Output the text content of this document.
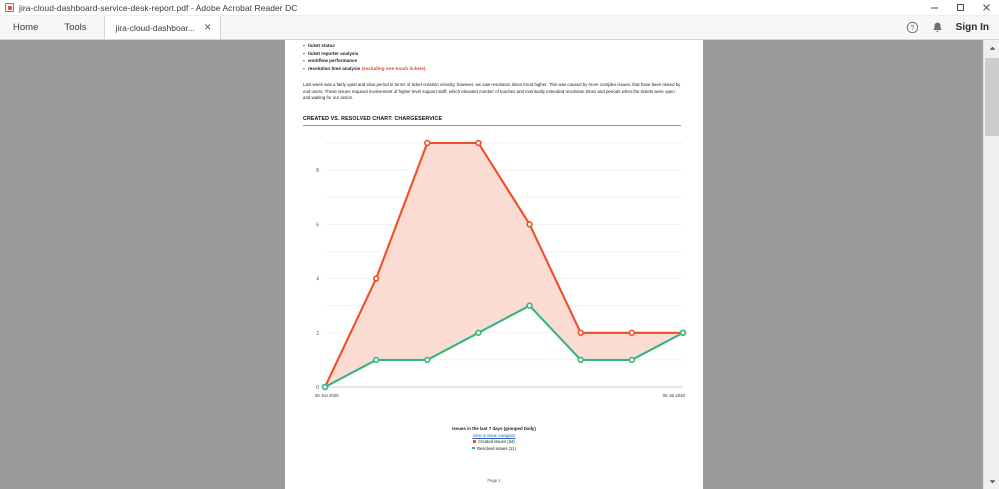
jira-cloud-dashboard-service-desk-report.pdf - Adobe Acrobat Reader DC
Home	Tools	jira-cloud-dashboar... ✕	?	Sign In
▪ ticket status
▪ ticket reporter analysis
▪ workflow performance
▪ resolution time analysis
(excluding one-touch tickets)
Last week was a fairly quiet and slow period in terms of ticket creation velocity, however, we saw resolution times trend higher. This was caused by more complex issues, that have been raised by end users. These issues required involvement of higher level support staff, which elevated number of touches and eventually extended resolution times and periods when the tickets were open and waiting for our action.
CREATED VS. RESOLVED CHART: CHARGESERVICE
0
2
4
6
8
30 Jun 2020	06 Jul 2020
Issues in the last 7 days (grouped Daily)
View in issue navigator
Created issues (34)
Resolved issues (11)
Page 1
